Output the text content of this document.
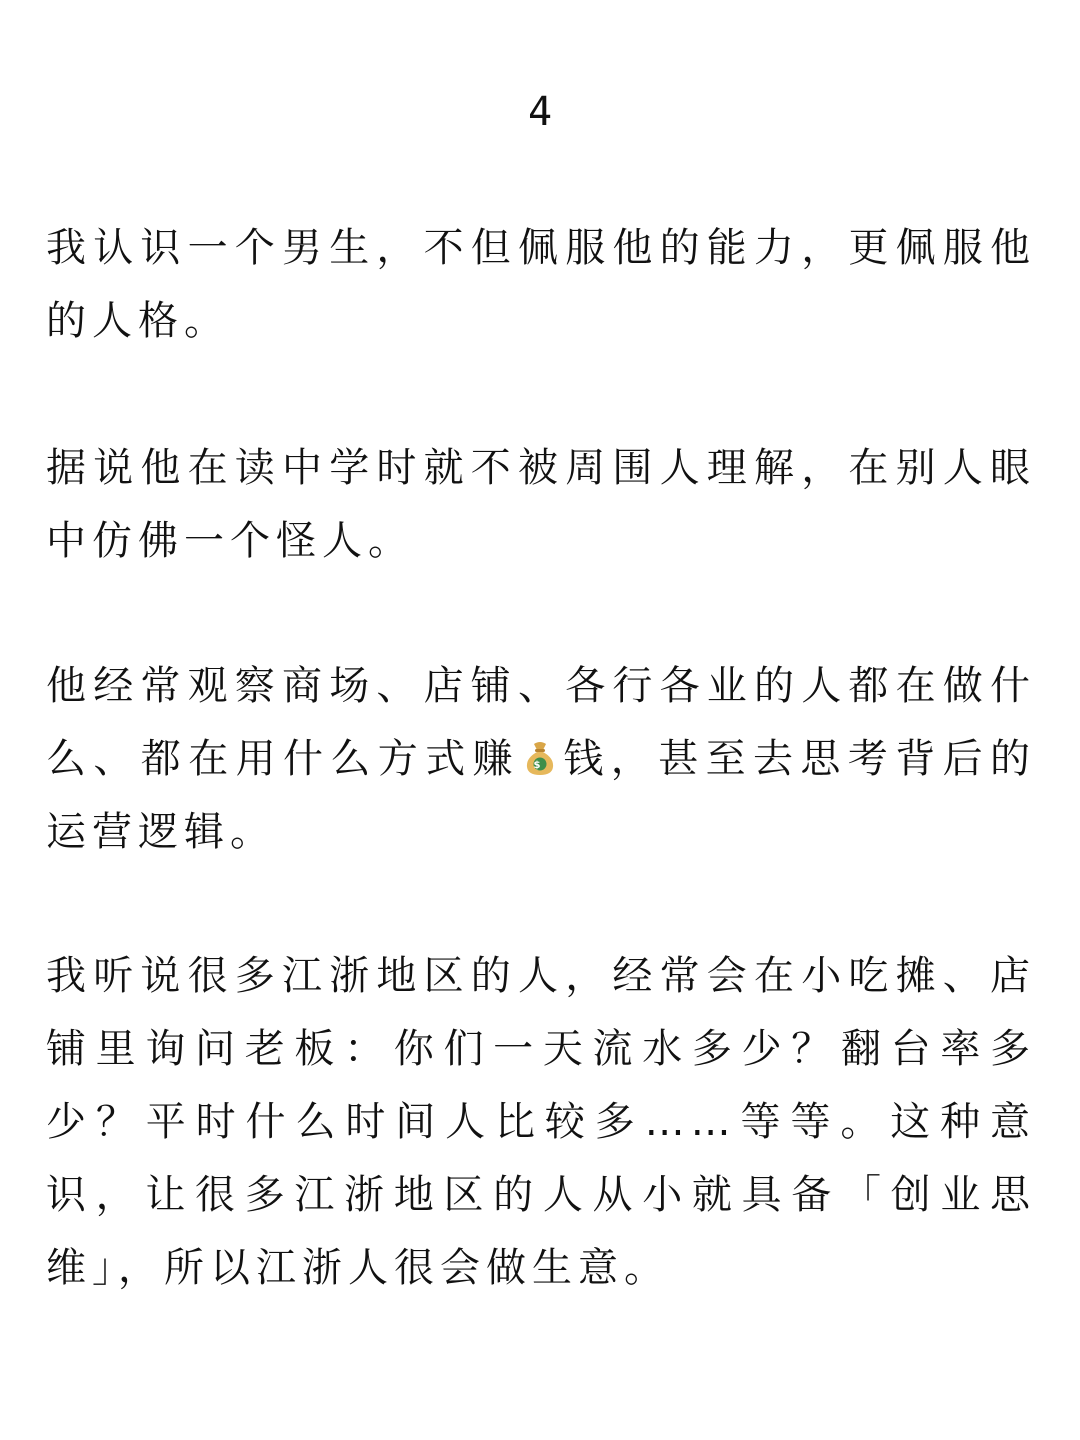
4

我认识一个男生，不但佩服他的能力，更佩服他的人格。

据说他在读中学时就不被周围人理解，在别人眼中仿佛一个怪人。

他经常观察商场、店铺、各行各业的人都在做什么、都在用什么方式赚 $ 钱，甚至去思考背后的运营逻辑。

我听说很多江浙地区的人，经常会在小吃摊、店铺里询问老板：你们一天流水多少？翻台率多少？平时什么时间人比较多……等等。这种意识，让很多江浙地区的人从小就具备「创业思维」，所以江浙人很会做生意。
